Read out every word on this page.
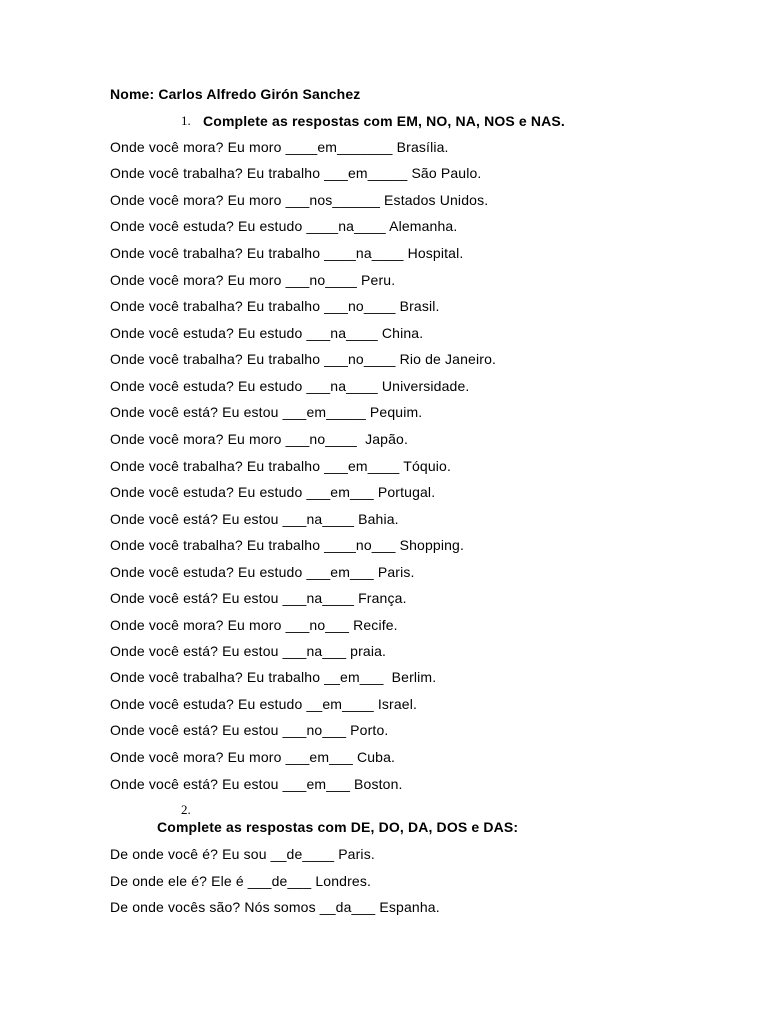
Nome: Carlos Alfredo Girón Sanchez
1. Complete as respostas com EM, NO, NA, NOS e NAS.
Onde você mora? Eu moro ____em_______ Brasília.
Onde você trabalha? Eu trabalho ___em_____ São Paulo.
Onde você mora? Eu moro ___nos______ Estados Unidos.
Onde você estuda? Eu estudo ____na____ Alemanha.
Onde você trabalha? Eu trabalho ____na____ Hospital.
Onde você mora? Eu moro ___no____ Peru.
Onde você trabalha? Eu trabalho ___no____ Brasil.
Onde você estuda? Eu estudo ___na____ China.
Onde você trabalha? Eu trabalho ___no____ Rio de Janeiro.
Onde você estuda? Eu estudo ___na____ Universidade.
Onde você está? Eu estou ___em_____ Pequim.
Onde você mora? Eu moro ___no____  Japão.
Onde você trabalha? Eu trabalho ___em____ Tóquio.
Onde você estuda? Eu estudo ___em___ Portugal.
Onde você está? Eu estou ___na____ Bahia.
Onde você trabalha? Eu trabalho ____no___ Shopping.
Onde você estuda? Eu estudo ___em___ Paris.
Onde você está? Eu estou ___na____ França.
Onde você mora? Eu moro ___no___ Recife.
Onde você está? Eu estou ___na___ praia.
Onde você trabalha? Eu trabalho __em___  Berlim.
Onde você estuda? Eu estudo __em____ Israel.
Onde você está? Eu estou ___no___ Porto.
Onde você mora? Eu moro ___em___ Cuba.
Onde você está? Eu estou ___em___ Boston.
2.
Complete as respostas com DE, DO, DA, DOS e DAS:
De onde você é? Eu sou __de____ Paris.
De onde ele é? Ele é ___de___ Londres.
De onde vocês são? Nós somos __da___ Espanha.
